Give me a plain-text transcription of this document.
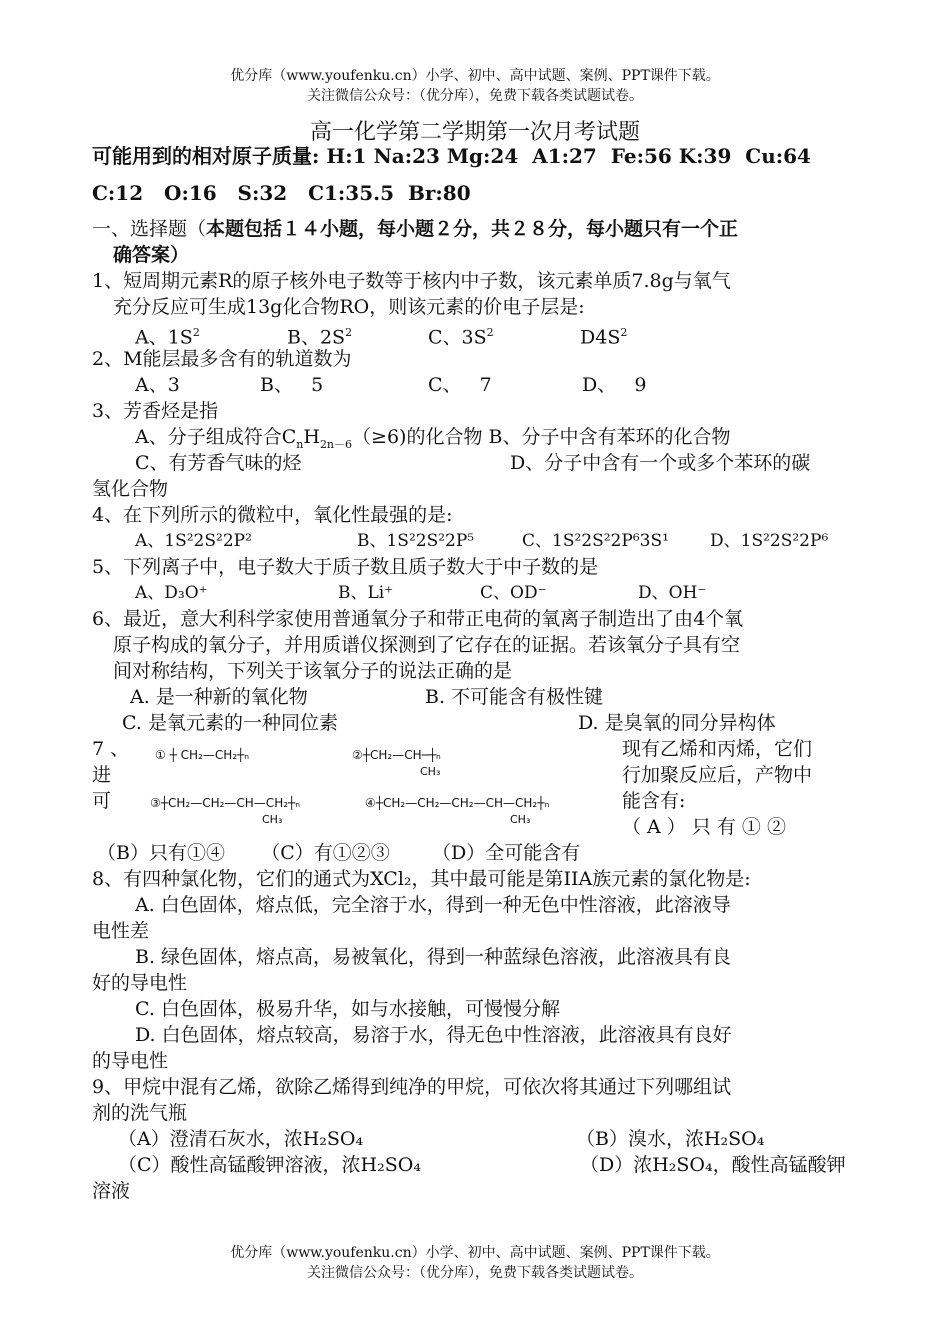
优分库（www.youfenku.cn）小学、初中、高中试题、案例、PPT课件下载。
关注微信公众号：（优分库），免费下载各类试题试卷。
高一化学第二学期第一次月考试题
可能用到的相对原子质量: H:1 Na:23 Mg:24  A1:27  Fe:56 K:39  Cu:64
C:12   O:16   S:32   C1:35.5  Br:80
一、选择题（本题包括１４小题，每小题２分，共２８分，每小题只有一个正
确答案）
1、短周期元素R的原子核外电子数等于核内中子数，该元素单质7.8g与氧气
充分反应可生成13g化合物RO，则该元素的价电子层是:
A、$1S^2$	B、$2S^2$	C、$3S^2$	$D4S^2$
2、M能层最多含有的轨道数为
A、3	B、   5	C、   7	D、   9
3、芳香烃是指
A、分子组成符合$C_nH_{2n-6}(\ge 6)$的化合物 B、分子中含有苯环的化合物
C、有芳香气味的烃	D、分子中含有一个或多个苯环的碳
氢化合物
4、在下列所示的微粒中，氧化性最强的是:
A、1S²2S²2P²	B、1S²2S²2P⁵	C、1S²2S²2P⁶3S¹ D、1S²2S²2P⁶
5、下列离子中，电子数大于质子数且质子数大于中子数的是
A、D₃O⁺	B、Li⁺	C、OD⁻	D、OH⁻
6、最近，意大利科学家使用普通氧分子和带正电荷的氧离子制造出了由4个氧
原子构成的氧分子，并用质谱仪探测到了它存在的证据。若该氧分子具有空
间对称结构，下列关于该氧分子的说法正确的是
A. 是一种新的氧化物	B. 不可能含有极性键
C. 是氧元素的一种同位素	D. 是臭氧的同分异构体
7 、
进
可
① ┼ CH₂—CH₂┼ₙ	②┼CH₂—CH─┼ₙ
CH₃
③┼CH₂—CH₂—CH—CH₂┼ₙ
CH₃
④┼CH₂—CH₂—CH₂—CH—CH₂┼ₙ
CH₃
现有乙烯和丙烯，它们
行加聚反应后，产物中
能含有:
（ A ） 只 有 ① ②
（B）只有①④      （C）有①②③       （D）全可能含有
8、有四种氯化物，它们的通式为XCl₂，其中最可能是第IIA族元素的氯化物是:
A. 白色固体，熔点低，完全溶于水，得到一种无色中性溶液，此溶液导
电性差
B. 绿色固体，熔点高，易被氧化，得到一种蓝绿色溶液，此溶液具有良
好的导电性
C. 白色固体，极易升华，如与水接触，可慢慢分解
D. 白色固体，熔点较高，易溶于水，得无色中性溶液，此溶液具有良好
的导电性
9、甲烷中混有乙烯，欲除乙烯得到纯净的甲烷，可依次将其通过下列哪组试
剂的洗气瓶
（A）澄清石灰水，浓H₂SO₄	（B）溴水，浓H₂SO₄
（C）酸性高锰酸钾溶液，浓H₂SO₄	（D）浓H₂SO₄，酸性高锰酸钾
溶液
优分库（www.youfenku.cn）小学、初中、高中试题、案例、PPT课件下载。
关注微信公众号：（优分库），免费下载各类试题试卷。
